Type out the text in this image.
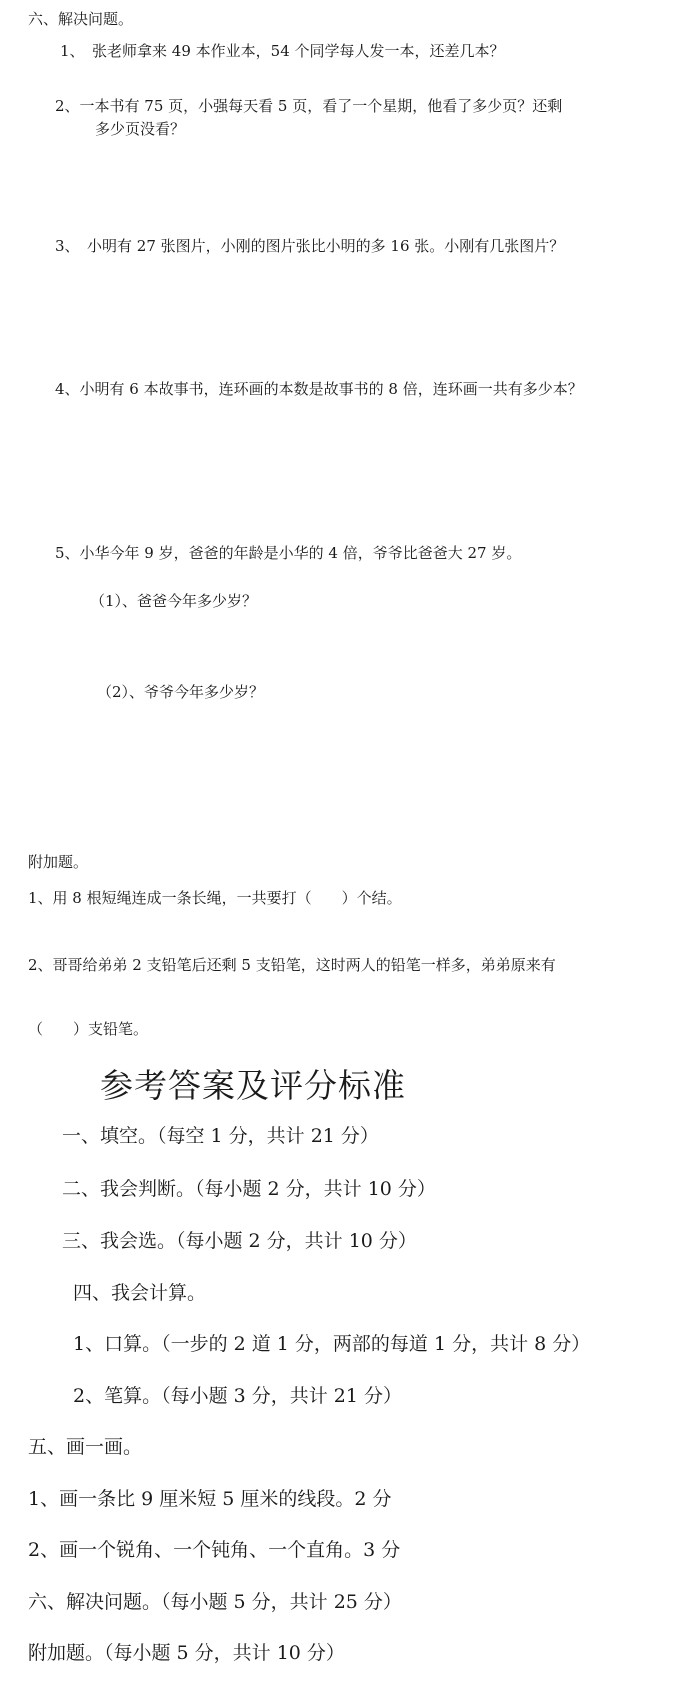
六、解决问题。
1、　张老师拿来 49 本作业本，54 个同学每人发一本，还差几本？
2、一本书有 75 页，小强每天看 5 页，看了一个星期，他看了多少页？还剩
多少页没看？
3、　小明有 27 张图片，小刚的图片张比小明的多 16 张。小刚有几张图片？
4、小明有 6 本故事书，连环画的本数是故事书的 8 倍，连环画一共有多少本？
5、小华今年 9 岁，爸爸的年龄是小华的 4 倍，爷爷比爸爸大 27 岁。
（1）、爸爸今年多少岁？
（2）、爷爷今年多少岁？
附加题。
1、用 8 根短绳连成一条长绳，一共要打（　　）个结。
2、哥哥给弟弟 2 支铅笔后还剩 5 支铅笔，这时两人的铅笔一样多，弟弟原来有
（　　）支铅笔。
参考答案及评分标准
一、填空。（每空 1 分，共计 21 分）
二、我会判断。（每小题 2 分，共计 10 分）
三、我会选。（每小题 2 分，共计 10 分）
四、我会计算。
1、口算。（一步的 2 道 1 分，两部的每道 1 分，共计 8 分）
2、笔算。（每小题 3 分，共计 21 分）
五、画一画。
1、画一条比 9 厘米短 5 厘米的线段。2 分
2、画一个锐角、一个钝角、一个直角。3 分
六、解决问题。（每小题 5 分，共计 25 分）
附加题。（每小题 5 分，共计 10 分）
